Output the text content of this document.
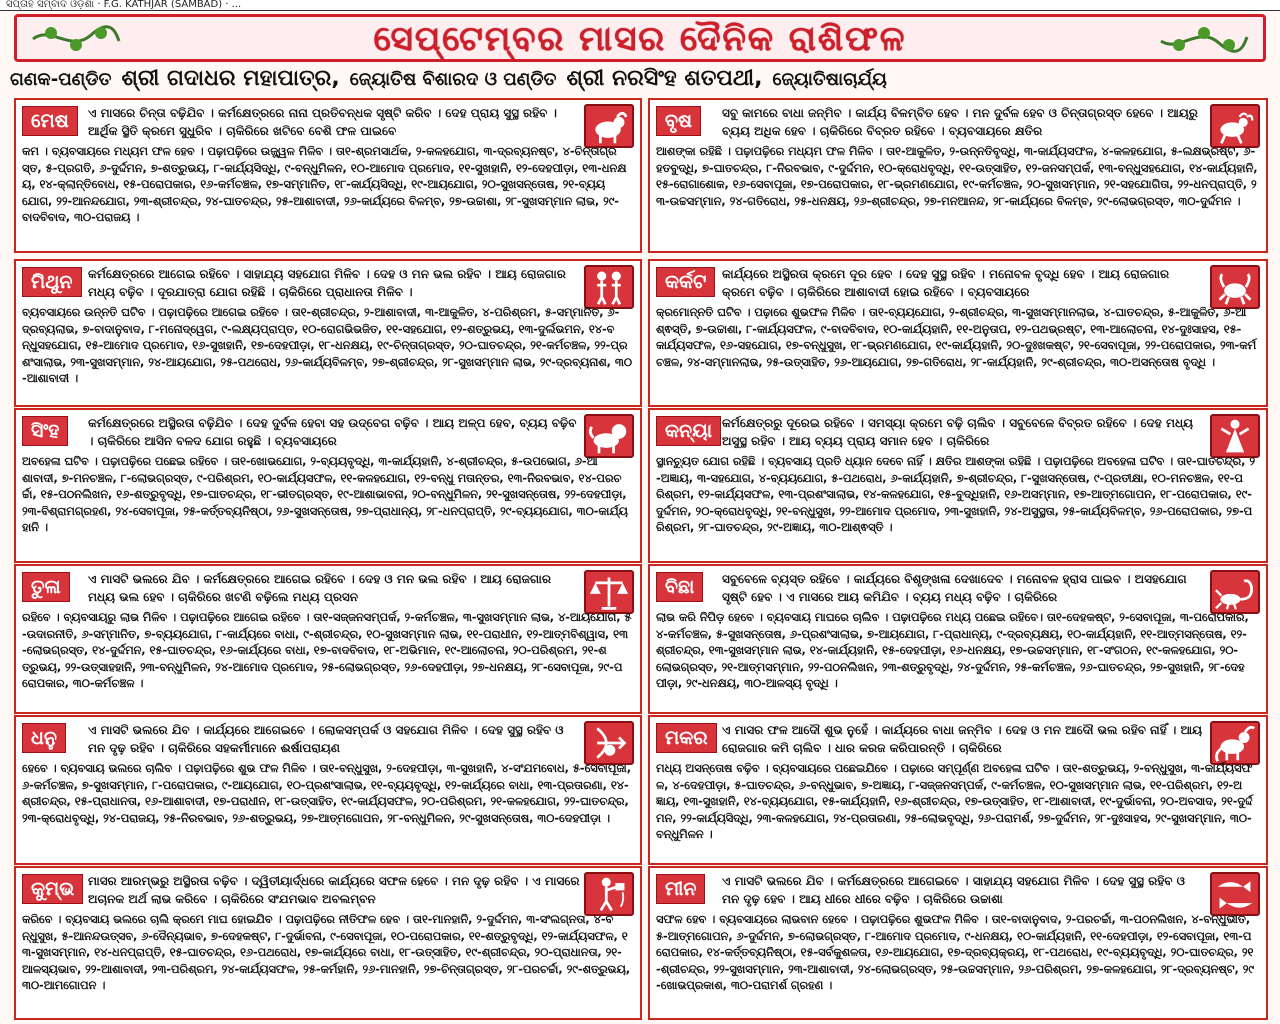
ସପ୍ତାହ ସମ୍ବାଦ ଓଡ଼ିଶା · F.G. KATHJAR (SAMBAD) · ...
ସେପ୍ଟେମ୍ବର ମାସର ଦୈନିକ ରାଶିଫଳ
ଗଣକ-ପଣ୍ଡିତ ଶ୍ରୀ ଗଦାଧର ମହାପାତ୍ର, ଜ୍ୟୋତିଷ ବିଶାରଦ ଓ ପଣ୍ଡିତ ଶ୍ରୀ ନରସିଂହ ଶତପଥୀ, ଜ୍ୟୋତିଷାଚାର୍ଯ୍ୟ
ମେଷ	ଏ ମାସରେ ଚିନ୍ତା ବଢ଼ିଯିବ । କର୍ମକ୍ଷେତ୍ରରେ ନାନା ପ୍ରତିବନ୍ଧକ ସୃଷ୍ଟି କରିବ । ଦେହ ପ୍ରାୟ ସୁସ୍ଥ ରହିବ । ଆର୍ଥିକ ସ୍ଥିତି କ୍ରମେ ସୁଧୁରିବ । ଚାକିରିରେ ଖଟିବେ ବେଶି ଫଳ ପାଇବେ
କମ । ବ୍ୟବସାୟରେ ମଧ୍ୟମ ଫଳ ହେବ । ପଢ଼ାପଢ଼ିରେ ଉଜ୍ଜ୍ୱଳ ମିଳିବ । ତା୧-ଶ୍ରମସାର୍ଥକ, ୨-କଳହଯୋଗ, ୩-ଦ୍ରବ୍ୟନଷ୍ଟ, ୪-ଚିନ୍ତାଗ୍ରସ୍ତ, ୫-ପ୍ରଗତି, ୬-ଦୁର୍ଦ୍ଦମନ, ୭-ଶତ୍ରୁଭୟ, ୮-କାର୍ଯ୍ୟସିଦ୍ଧି, ୯-ବନ୍ଧୁମିଳନ, ୧୦-ଆମୋଦ ପ୍ରମୋଦ, ୧୧-ସୁଖହାନି, ୧୨-ଦେହପୀଡ଼ା, ୧୩-ଧନକ୍ଷୟ, ୧୪-କ୍ଲାନ୍ତିବୋଧ, ୧୫-ପରୋପକାର, ୧୬-କର୍ମଚଞ୍ଚଳ, ୧୭-ସମ୍ମାନିତ, ୧୮-କାର୍ଯ୍ୟସିଦ୍ଧି, ୧୯-ଆୟଯୋଗ, ୨୦-ସୁଖସନ୍ତୋଷ, ୨୧-ବ୍ୟୟଯୋଗ, ୨୨-ଆନନ୍ଦଯୋଗ, ୨୩-ଶ୍ରୀଚନ୍ଦ୍ର, ୨୪-ଘାତଚନ୍ଦ୍ର, ୨୫-ଆଶାବାଦୀ, ୨୬-କାର୍ଯ୍ୟରେ ବିଳମ୍ବ, ୨୭-ଉଚ୍ଚାଶା, ୨୮-ସୁଖସମ୍ମାନ ଲାଭ, ୨୯-ବାଦବିବାଦ, ୩୦-ପରାଜୟ ।
ବୃଷ	ସବୁ କାମରେ ବାଧା ଜନ୍ମିବ । କାର୍ଯ୍ୟ ବିଳମ୍ବିତ ହେବ । ମନ ଦୁର୍ବଳ ହେବ ଓ ଚିନ୍ତାଗ୍ରସ୍ତ ହେବେ । ଆୟରୁ ବ୍ୟୟ ଅଧିକ ହେବ । ଚାକିରିରେ ବିବ୍ରତ ରହିବେ । ବ୍ୟବସାୟରେ କ୍ଷତିର
ଆଶଙ୍କା ରହିଛି । ପଢ଼ାପଢ଼ିରେ ମଧ୍ୟମ ଫଳ ମିଳିବ । ତା୧-ଆକୁଳିତ, ୨-ଉନ୍ନତିବୃଦ୍ଧି, ୩-କାର୍ଯ୍ୟସଫଳ, ୪-କଳହଯୋଗ, ୫-ଲକ୍ଷଭ୍ରଷ୍ଟ, ୬-ହତବୁଦ୍ଧି, ୭-ଘାତଚନ୍ଦ୍ର, ୮-ନିରବଭାବ, ୯-ଦୁର୍ଦ୍ଦମନ, ୧୦-କ୍ରୋଧବୃଦ୍ଧି, ୧୧-ଉତ୍ସାହିତ, ୧୨-ଜନସମ୍ପର୍କ, ୧୩-ବନ୍ଧୁସହଯୋଗ, ୧୪-କାର୍ଯ୍ୟହାନି, ୧୫-ରୋଗାଶୋକ, ୧୬-ସେବାପୂଜା, ୧୭-ପରୋପକାର, ୧୮-ଭ୍ରମଣଯୋଗ, ୧୯-କର୍ମଚଞ୍ଚଳ, ୨୦-ସୁଖସମ୍ମାନ, ୨୧-ସହଯୋଗିତା, ୨୨-ଧନପ୍ରାପ୍ତି, ୨୩-ଉଚ୍ଚସମ୍ମାନ, ୨୪-ଗତିରୋଧ, ୨୫-ଧନକ୍ଷୟ, ୨୬-ଶ୍ରୀଚନ୍ଦ୍ର, ୨୭-ମନଆନନ୍ଦ, ୨୮-କାର୍ଯ୍ୟରେ ବିଳମ୍ବ, ୨୯-ଲୋଭଗ୍ରସ୍ତ, ୩୦-ଦୁର୍ଦ୍ଦମନ ।
ମିଥୁନ	କର୍ମକ୍ଷେତ୍ରରେ ଆଗେଇ ରହିବେ । ସାହାଯ୍ୟ ସହଯୋଗ ମିଳିବ । ଦେହ ଓ ମନ ଭଲ ରହିବ । ଆୟ ରୋଜଗାର ମଧ୍ୟ ବଢ଼ିବ । ଦୂରଯାତ୍ରା ଯୋଗ ରହିଛି । ଚାକିରିରେ ପ୍ରାଧାନତା ମିଳିବ ।
ବ୍ୟବସାୟରେ ଉନ୍ନତି ଘଟିବ । ପଢ଼ାପଢ଼ିରେ ଆଗେଇ ରହିବେ । ତା୧-ଶ୍ରୀଚନ୍ଦ୍ର, ୨-ଆଶାବାଦୀ, ୩-ଆକୁଳିତ, ୪-ପରିଶ୍ରମ, ୫-ସମ୍ମାନିତ, ୬-ଦ୍ରବ୍ୟଲାଭ, ୭-ବାଦାନୁବାଦ, ୮-ମନୋଦ୍ୱେଗ, ୯-ଲକ୍ଷ୍ୟପ୍ରାପ୍ତ, ୧୦-ରୋଗଭିଭଜିତ, ୧୧-ସହଯୋଗ, ୧୨-ଶତ୍ରୁଭୟ, ୧୩-ଦୁର୍ଲଭମନ, ୧୪-ବନ୍ଧୁସହଯୋଗ, ୧୫-ଆମୋଦ ପ୍ରମୋଦ, ୧୬-ସୁଖହାନି, ୧୭-ଦେହପୀଡ଼ା, ୧୮-ଧନକ୍ଷୟ, ୧୯-ଚିନ୍ତାଗ୍ରସ୍ତ, ୨୦-ଘାତଚନ୍ଦ୍ର, ୨୧-କର୍ମଚଞ୍ଚଳ, ୨୨-ପ୍ରଶଂସାଲାଭ, ୨୩-ସୁଖସମ୍ମାନ, ୨୪-ଆୟଯୋଗ, ୨୫-ପଥରୋଧ, ୨୬-କାର୍ଯ୍ୟବିଳମ୍ବ, ୨୭-ଶ୍ରୀଚନ୍ଦ୍ର, ୨୮-ସୁଖସମ୍ମାନ ଲାଭ, ୨୯-ଦ୍ରବ୍ୟନାଶ, ୩୦-ଆଶାବାଦୀ ।
କର୍କଟ	କାର୍ଯ୍ୟରେ ଅସ୍ଥିରତା କ୍ରମେ ଦୂର ହେବ । ଦେହ ସୁସ୍ଥ ରହିବ । ମନୋବଳ ବୃଦ୍ଧି ହେବ । ଆୟ ରୋଜଗାର କ୍ରମେ ବଢ଼ିବ । ଚାକିରିରେ ଆଶାବାଦୀ ହୋଇ ରହିବେ । ବ୍ୟବସାୟରେ
କ୍ରମୋନ୍ନତି ଘଟିବ । ପଢ଼ାରେ ଶୁଭଫଳ ମିଳିବ । ତା୧-ବ୍ୟୟଯୋଗ, ୨-ଶ୍ରୀଚନ୍ଦ୍ର, ୩-ସୁଖସମ୍ମାନଲାଭ, ୪-ଘାତଚନ୍ଦ୍ର, ୫-ଆକୁଳିତ, ୬-ଆଶ୍ଵସ୍ତି, ୭-ଉଚ୍ଚାଶା, ୮-କାର୍ଯ୍ୟସଫଳ, ୯-ବାଦବିବାଦ, ୧୦-କାର୍ଯ୍ୟହାନି, ୧୧-ଅନୁତାପ, ୧୨-ପଥଭ୍ରଷ୍ଟ, ୧୩-ଆଲୋଚନା, ୧୪-ଦୁଃସାହସ, ୧୫-କାର୍ଯ୍ୟସଫଳ, ୧୬-ସହଯୋଗ, ୧୭-ବନ୍ଧୁସୁଖ, ୧୮-ଭ୍ରମଣଯୋଗ, ୧୯-କାର୍ଯ୍ୟହାନି, ୨୦-ଦୁଃଖକଷ୍ଟ, ୨୧-ସେବାପୂଜା, ୨୨-ପରୋପକାର, ୨୩-କର୍ମଚଞ୍ଚଳ, ୨୪-ସମ୍ମାନଲାଭ, ୨୫-ଉତ୍ସାହିତ, ୨୬-ଆୟଯୋଗ, ୨୭-ଗତିରୋଧ, ୨୮-କାର୍ଯ୍ୟହାନି, ୨୯-ଶ୍ରୀଚନ୍ଦ୍ର, ୩୦-ଅସନ୍ତୋଷ ବୃଦ୍ଧି ।
ସିଂହ	କର୍ମକ୍ଷେତ୍ରରେ ଅସ୍ଥିରତା ବଢ଼ିଯିବ । ଦେହ ଦୁର୍ବଳ ହେବା ସହ ଉଦ୍‌ବେଗ ବଢ଼ିବ । ଆୟ ଅଳ୍ପ ହେବ, ବ୍ୟୟ ବଢ଼ିବ । ଚାକିରିରେ ଆସିନ ବଳଦ ଯୋଗ ରହୁଛି । ବ୍ୟବସାୟରେ
ଅବହେଳା ଘଟିବ । ପଢ଼ାପଢ଼ିରେ ପଛେଇ ରହିବେ । ତା୧-ଖୋଭଯୋଗ, ୨-ବ୍ୟୟବୃଦ୍ଧି, ୩-କାର୍ଯ୍ୟହାନି, ୪-ଶ୍ରୀଚନ୍ଦ୍ର, ୫-ଉପଭୋଗ, ୬-ଆଶାବାଦୀ, ୭-ମନଚଞ୍ଚଳ, ୮-ଲୋଭଗ୍ରସ୍ତ, ୯-ପରିଶ୍ରମ, ୧୦-କାର୍ଯ୍ୟସଫଳ, ୧୧-କଳହଯୋଗ, ୧୨-ବନ୍ଧୁ ମତାନ୍ତର, ୧୩-ନିରବଭାବ, ୧୪-ପରଚର୍ଚ୍ଚା, ୧୫-ପଠନଲିଖନ, ୧୬-ଶତ୍ରୁବୃଦ୍ଧି, ୧୭-ଘାତଚନ୍ଦ୍ର, ୧୮-ଭୀତଗ୍ରସ୍ତ, ୧୯-ଆଶାଭାବନା, ୨୦-ବନ୍ଧୁମିଳନ, ୨୧-ସୁଖସନ୍ତୋଷ, ୨୨-ଦେହପୀଡ଼ା, ୨୩-ବିଶ୍ରାମଗ୍ରହଣ, ୨୪-ସେବାପୂଜା, ୨୫-କର୍ତ୍ତବ୍ୟନିଷ୍ଠା, ୨୬-ସୁଖସନ୍ତୋଷ, ୨୭-ପ୍ରାଧାନ୍ୟ, ୨୮-ଧନପ୍ରାପ୍ତି, ୨୯-ବ୍ୟୟଯୋଗ, ୩୦-କାର୍ଯ୍ୟହାନି ।
କନ୍ୟା କର୍ମକ୍ଷେତ୍ରରୁ ଦୂରେଇ ରହିବେ । ସମସ୍ୟା କ୍ରମେ ବଢ଼ି ଚାଲିବ । ସବୁବେଳେ ବିବ୍ରତ ରହିବେ । ଦେହ ମଧ୍ୟ ଅସୁସ୍ଥ ରହିବ । ଆୟ ବ୍ୟୟ ପ୍ରାୟ ସମାନ ହେବ । ଚାକିରିରେ
ସ୍ଥାନଚ୍ୟୁତ ଯୋଗ ରହିଛି । ବ୍ୟବସାୟ ପ୍ରତି ଧ୍ୟାନ ଦେବେ ନାହିଁ । କ୍ଷତିର ଆଶଙ୍କା ରହିଛି । ପଢ଼ାପଢ଼ିରେ ଅବହେଳା ଘଟିବ । ତା୧-ଘାତଚନ୍ଦ୍ର, ୨-ଅଜ୍ଞାୟ, ୩-ସହଯୋଗ, ୪-ବ୍ୟୟଯୋଗ, ୫-ପଥରୋଧ, ୬-କାର୍ଯ୍ୟହାନି, ୭-ଶ୍ରୀଚନ୍ଦ୍ର, ୮-ସୁଖସନ୍ତୋଷ, ୯-ପ୍ରତୀକ୍ଷା, ୧୦-ମନଚଞ୍ଚଳ, ୧୧-ପରିଶ୍ରମ, ୧୨-କାର୍ଯ୍ୟସଫଳ, ୧୩-ପ୍ରଶଂସାଲାଭ, ୧୪-କଳହଯୋଗ, ୧୫-ବୁଦ୍ଧିହାନି, ୧୬-ଅସମ୍ମାନ, ୧୭-ଆତ୍ମଗୋପନ, ୧୮-ପରୋପକାର, ୧୯-ଦୁର୍ଦ୍ଦମନ, ୨୦-କ୍ରୋଧବୃଦ୍ଧି, ୨୧-ବନ୍ଧୁସୁଖ, ୨୨-ଆମୋଦ ପ୍ରମୋଦ, ୨୩-ସୁଖହାନି, ୨୪-ଅସୁସ୍ଥତା, ୨୫-କାର୍ଯ୍ୟବିଳମ୍ବ, ୨୬-ପରୋପକାର, ୨୭-ପରିଶ୍ରମ, ୨୮-ଘାତଚନ୍ଦ୍ର, ୨୯-ଅଜ୍ଞାୟ, ୩୦-ଆଶ୍ଵସ୍ତି ।
ତୁଳା	ଏ ମାସଟି ଭଲରେ ଯିବ । କର୍ମକ୍ଷେତ୍ରରେ ଆଗେଇ ରହିବେ । ଦେହ ଓ ମନ ଭଲ ରହିବ । ଆୟ ରୋଜଗାର ମଧ୍ୟ ଭଲ ହେବ । ଚାକିରିରେ ଖଟଣି ବଢ଼ିଲେ ମଧ୍ୟ ପ୍ରସନ
ରହିବେ । ବ୍ୟବସାୟରୁ ଲାଭ ମିଳିବ । ପଢ଼ାପଢ଼ିରେ ଆଗେଇ ରହିବେ । ତା୧-ସଜ୍ଜନସମ୍ପର୍କ, ୨-କର୍ମଚଞ୍ଚଳ, ୩-ସୁଖସମ୍ମାନ ଲାଭ, ୪-ଆୟଯୋଗ, ୫-ଉଦାରନୀତି, ୬-ସମ୍ମାନିତ, ୭-ବ୍ୟୟଯୋଗ, ୮-କାର୍ଯ୍ୟରେ ବାଧା, ୯-ଶ୍ରୀଚନ୍ଦ୍ର, ୧୦-ସୁଖସମ୍ମାନ ଲାଭ, ୧୧-ପରାଧୀନ, ୧୨-ଆତ୍ମବିଶ୍ୱାସ, ୧୩-ଲୋଭଗ୍ରସ୍ତ, ୧୪-ଦୁର୍ଦ୍ଦମନ, ୧୫-ଘାତଚନ୍ଦ୍ର, ୧୬-କାର୍ଯ୍ୟରେ ବାଧା, ୧୭-ବାଦବିବାଦ, ୧୮-ଅଭିମାନ, ୧୯-ଆଲୋଚନା, ୨୦-ପରିଶ୍ରମ, ୨୧-ଶତ୍ରୁଭୟ, ୨୨-ଉତ୍ସାହହାନି, ୨୩-ବନ୍ଧୁମିଳନ, ୨୪-ଆମୋଦ ପ୍ରମୋଦ, ୨୫-ଲୋଭଗ୍ରସ୍ତ, ୨୬-ଦେହପୀଡ଼ା, ୨୭-ଧନକ୍ଷୟ, ୨୮-ସେବାପୂଜା, ୨୯-ପରୋପକାର, ୩୦-କର୍ମଚଞ୍ଚଳ ।
ବିଛା	ସବୁବେଳେ ବ୍ୟସ୍ତ ରହିବେ । କାର୍ଯ୍ୟରେ ବିଶୃଙ୍ଖଳା ଦେଖାଦେବ । ମନୋବଳ ହ୍ରାସ ପାଇବ । ଅସହଯୋଗ ସୃଷ୍ଟି ହେବ । ଏ ମାସରେ ଆୟ କମିଯିବ । ବ୍ୟୟ ମଧ୍ୟ ବଢ଼ିବ । ଚାକିରିରେ
ଲାଭ କରି ନିପିଡ଼ ହେବେ । ବ୍ୟବସାୟ ମାଘରେ ଚାଲିବ । ପଢ଼ାପଢ଼ିରେ ମଧ୍ୟ ପଛେଇ ରହିବେ। ତା୧-ଦେହକଷ୍ଟ, ୨-ସେବାପୂଜା, ୩-ପରୋପକାର, ୪-କର୍ମଚଞ୍ଚଳ, ୫-ସୁଖସନ୍ତୋଷ, ୬-ପ୍ରଶଂସାଲାଭ, ୭-ଆୟଯୋଗ, ୮-ପ୍ରାଧାନ୍ୟ, ୯-ଦ୍ରବ୍ୟକ୍ଷୟ, ୧୦-କାର୍ଯ୍ୟହାନି, ୧୧-ଆତ୍ମସନ୍ତୋଷ, ୧୨-ଶ୍ରୀଚନ୍ଦ୍ର, ୧୩-ସୁଖସମ୍ମାନ ଲାଭ, ୧୪-କାର୍ଯ୍ୟହାନି, ୧୫-ଦେହପୀଡ଼ା, ୧୬-ଧନକ୍ଷୟ, ୧୭-ଉଚ୍ଚସମ୍ମାନ, ୧୮-ସଂଗଠନ, ୧୯-କଳହଯୋଗ, ୨୦-ଲୋଭଗ୍ରସ୍ତ, ୨୧-ଆତ୍ମସମ୍ମାନ, ୨୨-ପଠନଲିଖନ, ୨୩-ଶତ୍ରୁବୃଦ୍ଧି, ୨୪-ଦୁର୍ଦ୍ଦମନ, ୨୫-କର୍ମଚଞ୍ଚଳ, ୨୬-ଘାତଚନ୍ଦ୍ର, ୨୭-ସୁଖହାନି, ୨୮-ଦେହପୀଡ଼ା, ୨୯-ଧନକ୍ଷୟ, ୩୦-ଆଳସ୍ୟ ବୃଦ୍ଧି ।
ଧନୁ	ଏ ମାସଟି ଭଲରେ ଯିବ । କାର୍ଯ୍ୟରେ ଆଗେଇବେ । ଲୋକସମ୍ପର୍କ ଓ ସହଯୋଗ ମିଳିବ । ଦେହ ସୁସ୍ଥ ରହିବ ଓ ମନ ଦୃଢ଼ ରହିବ । ଚାକିରିରେ ସହକର୍ମୀମାନେ ଈର୍ଷାପରାୟଣ
ହେବେ । ବ୍ୟବସାୟ ଭଲରେ ଚାଲିବ । ପଢ଼ାପଢ଼ିରେ ଶୁଭ ଫଳ ମିଳିବ । ତା୧-ବନ୍ଧୁସୁଖ, ୨-ଦେହପୀଡ଼ା, ୩-ସୁଖହାନି, ୪-ସଂଯମବୋଧ, ୫-ସେବାପୂଜା, ୬-କର୍ମଚଞ୍ଚଳ, ୭-ସୁଖସମ୍ମାନ, ୮-ପରୋପକାର, ୯-ଆୟଯୋଗ, ୧୦-ପ୍ରଶଂସାଲାଭ, ୧୧-ବ୍ୟୟବୃଦ୍ଧି, ୧୨-କାର୍ଯ୍ୟରେ ବାଧା, ୧୩-ପ୍ରତାରଣା, ୧୪-ଶ୍ରୀଚନ୍ଦ୍ର, ୧୫-ପ୍ରାଧାନତା, ୧୬-ଆଶାବାଦୀ, ୧୭-ପରାଧୀନ, ୧୮-ଉତ୍ସାହିତ, ୧୯-କାର୍ଯ୍ୟସଫଳ, ୨୦-ପରିଶ୍ରମ, ୨୧-କଳହଯୋଗ, ୨୨-ଘାତଚନ୍ଦ୍ର, ୨୩-କ୍ରୋଧବୃଦ୍ଧି, ୨୪-ପରାଜୟ, ୨୫-ନିରବଭାବ, ୨୬-ଶତ୍ରୁଭୟ, ୨୭-ଆତ୍ମଗୋପନ, ୨୮-ବନ୍ଧୁମିଳନ, ୨୯-ସୁଖସନ୍ତୋଷ, ୩୦-ଦେହପୀଡ଼ା ।
ମକର	ଏ ମାସର ଫଳ ଆଦୌ ଶୁଭ ନୁହେଁ । କାର୍ଯ୍ୟରେ ବାଧା ଜନ୍ମିବ । ଦେହ ଓ ମନ ଆଦୌ ଭଲ ରହିବ ନାହିଁ । ଆୟ ରୋଜଗାର କମି ଚାଲିବ । ଧାର କରଜ କରିପାରନ୍ତି । ଚାକିରିରେ
ମଧ୍ୟ ଅସନ୍ତୋଷ ବଢ଼ିବ । ବ୍ୟବସାୟରେ ପଛେଇଯିବେ । ପଢ଼ାରେ ସମ୍ପୂର୍ଣ୍ଣ ଅବହେଳା ଘଟିବ । ତା୧-ଶତ୍ରୁଭୟ, ୨-ବନ୍ଧୁସୁଖ, ୩-କାର୍ଯ୍ୟସଫଳ, ୪-ଦେହପୀଡ଼ା, ୫-ଘାତଚନ୍ଦ୍ର, ୬-ବନ୍ଧୁଭାବ, ୭-ଅଜ୍ଞାୟ, ୮-ସଜ୍ଜନସମ୍ପର୍କ, ୯-କର୍ମଚଞ୍ଚଳ, ୧୦-ସୁଖସମ୍ମାନ ଲାଭ, ୧୧-ପରିଶ୍ରମ, ୧୨-ଅଜ୍ଞାୟ, ୧୩-ସୁଖହାନି, ୧୪-ବ୍ୟୟଯୋଗ, ୧୫-କାର୍ଯ୍ୟହାନି, ୧୬-ଶ୍ରୀଚନ୍ଦ୍ର, ୧୭-ଉତ୍ସାହିତ, ୧୮-ଆଶାବାଦୀ, ୧୯-ଦୁର୍ଭାବନା, ୨୦-ଅବସାଦ, ୨୧-ଦୁର୍ଦ୍ଦମନ, ୨୨-କାର୍ଯ୍ୟସିଦ୍ଧି, ୨୩-କଳହଯୋଗ, ୨୪-ପ୍ରତାରଣା, ୨୫-ଲୋଭବୃଦ୍ଧି, ୨୬-ପରାମର୍ଶ, ୨୭-ଦୁର୍ଦ୍ଦମନ, ୨୮-ଦୁଃସାହସ, ୨୯-ସୁଖସମ୍ମାନ, ୩୦-ବନ୍ଧୁମିଳନ ।
କୁମ୍ଭ	ମାସର ଆରମ୍ଭରୁ ଅସ୍ଥିରତା ବଢ଼ିବ । ଦ୍ୱିତୀୟାର୍ଦ୍ଧରେ କାର୍ଯ୍ୟରେ ସଫଳ ହେବେ । ମନ ଦୃଢ଼ ରହିବ । ଏ ମାସରେ ଅଚାନକ ଅର୍ଥ ଲାଭ କରିବେ । ଚାକିରିରେ ସଂଯମଭାବ ଅବଲମ୍ବନ
କରିବେ । ବ୍ୟବସାୟ ଭଲରେ ଚାଲି କ୍ରମେ ମାଘ ହୋଇଯିବ । ପଢ଼ାପଢ଼ିରେ ନୀତିଫଳ ହେବ । ତା୧-ମାନହାନି, ୨-ଦୁର୍ଦ୍ଦମନ, ୩-ସଂଲଗ୍ନତା, ୪-ବନ୍ଧୁସୁଖ, ୫-ଆନନ୍ଦଉତ୍ସବ, ୬-ଦୈନ୍ୟଭାବ, ୭-ଦେହକଷ୍ଟ, ୮-ଦୁର୍ଭାବନା, ୯-ସେବାପୂଜା, ୧୦-ପରୋପକାର, ୧୧-ଶତ୍ରୁବୃଦ୍ଧି, ୧୨-କାର୍ଯ୍ୟସଫଳ, ୧୩-ସୁଖସମ୍ମାନ, ୧୪-ଧନପ୍ରାପ୍ତି, ୧୫-ଘାତଚନ୍ଦ୍ର, ୧୬-ପଥରୋଧ, ୧୭-କାର୍ଯ୍ୟରେ ବାଧା, ୧୮-ଉତ୍ସାହିତ, ୧୯-ଶ୍ରୀଚନ୍ଦ୍ର, ୨୦-ପ୍ରାଧାନତା, ୨୧-ଆଳସ୍ୟଭାବ, ୨୨-ଆଶାବାଦୀ, ୨୩-ପରିଶ୍ରମ, ୨୪-କାର୍ଯ୍ୟସଫଳ, ୨୫-କର୍ମହାନି, ୨୬-ମାନହାନି, ୨୭-ଚିନ୍ତାଗ୍ରସ୍ତ, ୨୮-ପରଚର୍ଚ୍ଚା, ୨୯-ଶତ୍ରୁଭୟ, ୩୦-ଆମଗୋପନ ।
ମୀନ	ଏ ମାସଟି ଭଲରେ ଯିବ । କର୍ମକ୍ଷେତ୍ରରେ ଆଗେଇବେ । ସାହାଯ୍ୟ ସହଯୋଗ ମିଳିବ । ଦେହ ସୁସ୍ଥ ରହିବ ଓ ମନ ଦୃଢ଼ ହେବ । ଆୟ ଧୀରେ ଧୀରେ ବଢ଼ିବ । ଚାକିରିରେ ଉଚ୍ଚାଶା
ସଫଳ ହେବ । ବ୍ୟବସାୟରେ ଲାଭବାନ ହେବେ । ପଢ଼ାପଢ଼ିରେ ଶୁଭଫଳ ମିଳିବ । ତା୧-ବାଦାନୁବାଦ, ୨-ପରଚର୍ଚ୍ଚା, ୩-ପଠନଲିଖନ, ୪-ବନ୍ଧୁଭୀତ, ୫-ଆତ୍ମଗୋପନ, ୬-ଦୁର୍ଦ୍ଦମନ, ୭-ଲୋଭଗ୍ରସ୍ତ, ୮-ଆମୋଦ ପ୍ରମୋଦ, ୯-ଧନକ୍ଷୟ, ୧୦-କାର୍ଯ୍ୟହାନି, ୧୧-ଦେହପୀଡ଼ା, ୧୨-ସେବାପୂଜା, ୧୩-ପରୋପକାର, ୧୪-କର୍ତ୍ତବ୍ୟନିଷ୍ଠା, ୧୫-ସର୍ବକୁଶଳତା, ୧୬-ଆୟଯୋଗ, ୧୭-ଦ୍ରବ୍ୟକ୍ରୟ, ୧୮-ପଥରୋଧ, ୧୯-ବ୍ୟୟବୃଦ୍ଧି, ୨୦-ଘାତଚନ୍ଦ୍ର, ୨୧-ଶ୍ରୀଚନ୍ଦ୍ର, ୨୨-ସୁଖସମ୍ମାନ, ୨୩-ଆଶାବାଦୀ, ୨୪-ଲୋଭଗ୍ରସ୍ତ, ୨୫-ଉଚ୍ଚସମ୍ମାନ, ୨୬-ପରିଶ୍ରମ, ୨୭-କଳହଯୋଗ, ୨୮-ଦ୍ରବ୍ୟନଷ୍ଟ, ୨୯-ଖୋଭପ୍ରକାଶ, ୩୦-ପରାମର୍ଶ ଗ୍ରହଣ ।
